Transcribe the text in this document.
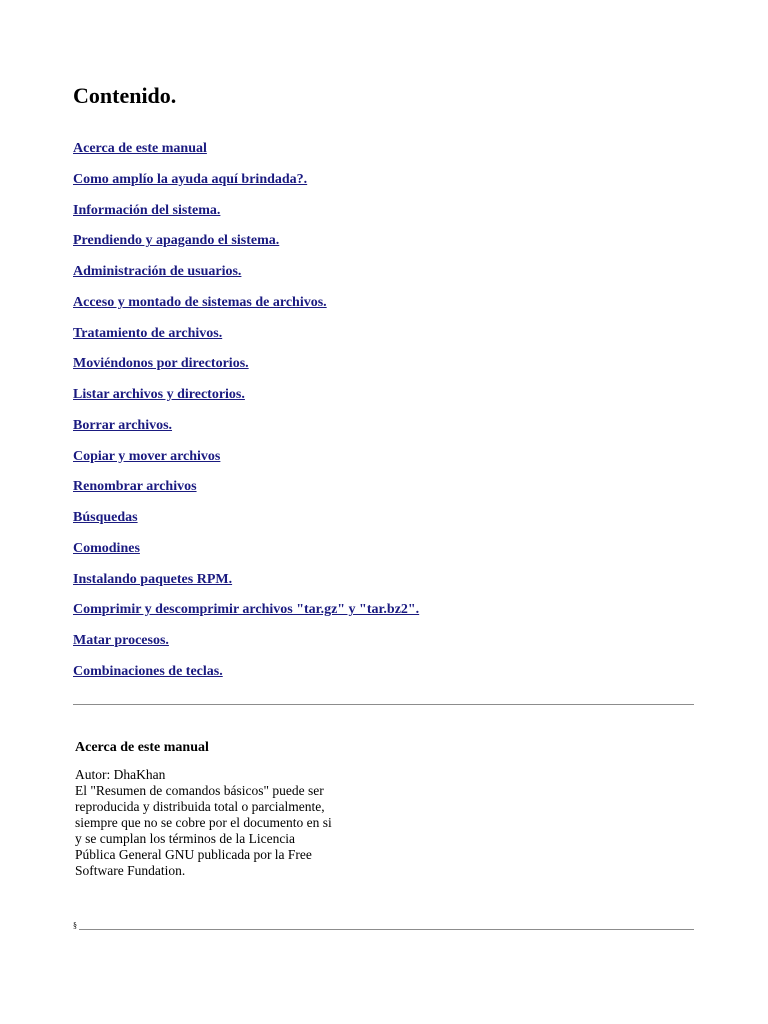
Contenido.
Acerca de este manual
Como amplío la ayuda aquí brindada?.
Información del sistema.
Prendiendo y apagando el sistema.
Administración de usuarios.
Acceso y montado de sistemas de archivos.
Tratamiento de archivos.
Moviéndonos por directorios.
Listar archivos y directorios.
Borrar archivos.
Copiar y mover archivos
Renombrar archivos
Búsquedas
Comodines
Instalando paquetes RPM.
Comprimir y descomprimir archivos "tar.gz" y "tar.bz2".
Matar procesos.
Combinaciones de teclas.
Acerca de este manual

Autor: DhaKhan
El "Resumen de comandos básicos" puede ser
reproducida y distribuida total o parcialmente,
siempre que no se cobre por el documento en si
y se cumplan los términos de la Licencia
Pública General GNU publicada por la Free
Software Fundation.

§
